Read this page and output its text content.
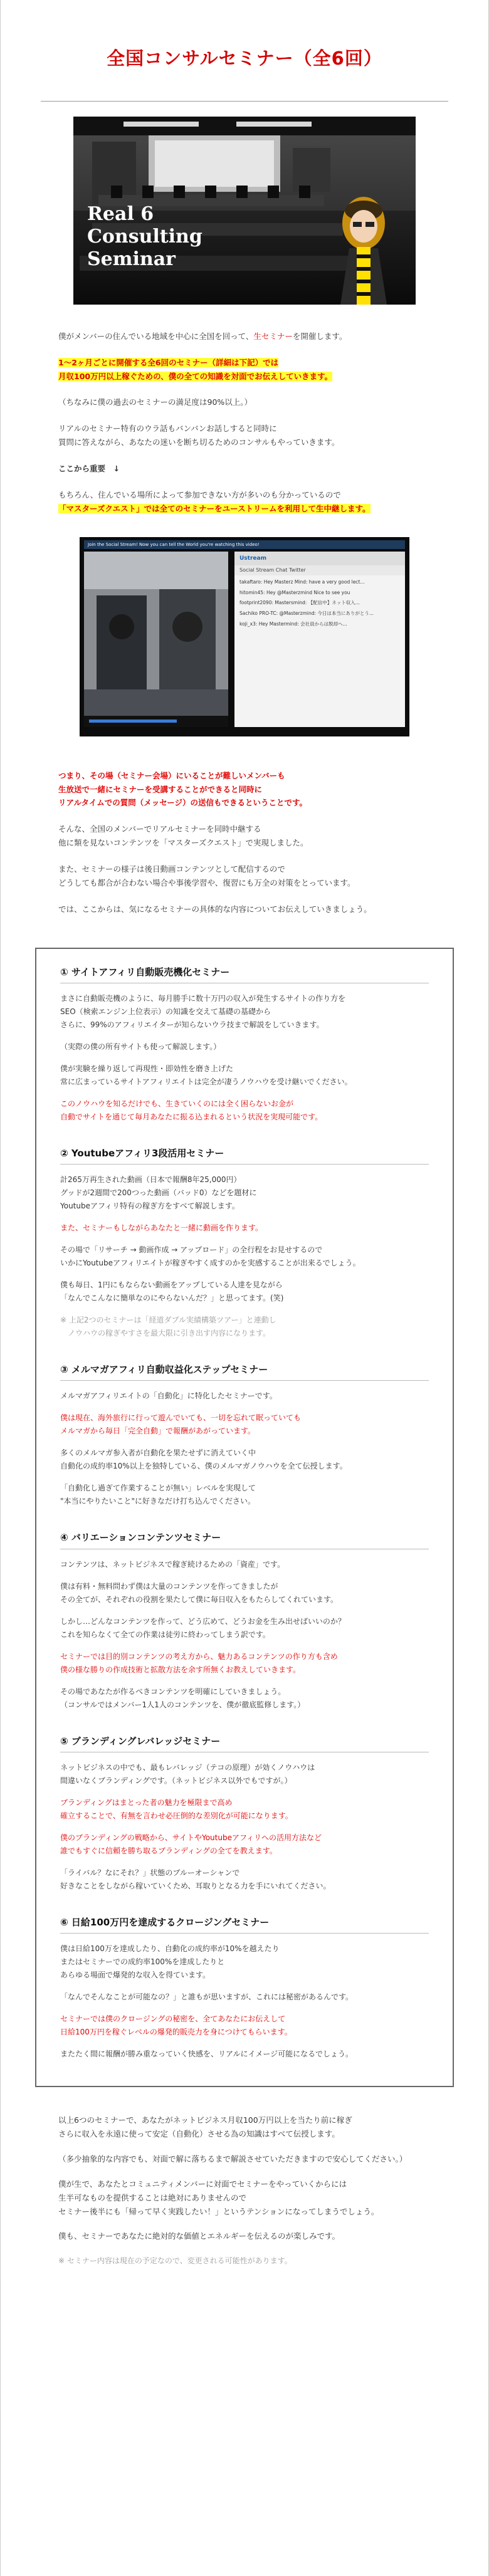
全国コンサルセミナー（全6回）
Real 6
Consulting
Seminar

僕がメンバーの住んでいる地域を中心に全国を回って、生セミナーを開催します。

1〜2ヶ月ごとに開催する全6回のセミナー（詳細は下記）では
月収100万円以上稼ぐための、僕の全ての知識を対面でお伝えしていきます。

（ちなみに僕の過去のセミナーの満足度は90%以上。）

リアルのセミナー特有のウラ話もバンバンお話しすると同時に
質問に答えながら、あなたの迷いを断ち切るためのコンサルもやっていきます。

ここから重要　↓

もちろん、住んでいる場所によって参加できない方が多いのも分かっているので
「マスターズクエスト」では全てのセミナーをユーストリームを利用して生中継します。

Join the Social Stream! Now you can tell the World you're watching this video!
Ustream
Social Stream Chat Twitter
takaftaro: Hey Masterz Mind: have a very good lect...
hitomin45: Hey @Masterzmind Nice to see you
footprint2090: Mastersmind: 【配信中】ネット収入...
Sachiko PRO-TC: @Masterzmind: 今日は本当にありがとう...
koji_x3: Hey Mastermind: 会社員からは脱却へ...

つまり、その場（セミナー会場）にいることが難しいメンバーも
生放送で一緒にセミナーを受講することができると同時に
リアルタイムでの質問（メッセージ）の送信もできるということです。

そんな、全国のメンバーでリアルセミナーを同時中継する
他に類を見ないコンテンツを「マスターズクエスト」で実現しました。

また、セミナーの様子は後日動画コンテンツとして配信するので
どうしても都合が合わない場合や事後学習や、復習にも万全の対策をとっています。

では、ここからは、気になるセミナーの具体的な内容についてお伝えしていきましょう。

① サイトアフィリ自動販売機化セミナー

まさに自動販売機のように、毎月勝手に数十万円の収入が発生するサイトの作り方を
SEO（検索エンジン上位表示）の知識を交えて基礎の基礎から
さらに、99%のアフィリエイターが知らないウラ技まで解説をしていきます。

（実際の僕の所有サイトも使って解説します。）

僕が実験を繰り返して再現性・即効性を磨き上げた
常に広まっているサイトアフィリエイトは完全が凄うノウハウを受け継いでください。

このノウハウを知るだけでも、生きていくのには全く困らないお金が
自動でサイトを通じて毎月あなたに振る込まれるという状況を実現可能です。

② Youtubeアフィリ3段活用セミナー

計265万再生された動画（日本で報酬8年25,000円）
グッドが2週間で200つった動画（バッド0）などを題材に
Youtubeアフィリ特有の稼ぎ方をすべて解説します。

また、セミナーもしながらあなたと一緒に動画を作ります。

その場で「リサーチ → 動画作成 → アップロード」の全行程をお見せするので
いかにYoutubeアフィリエイトが稼ぎやすく成すのかを実感することが出来るでしょう。

僕も毎日、1円にもならない動画をアップしている人達を見ながら
「なんでこんなに簡単なのにやらないんだ？」と思ってます。(笑)

※ 上記2つのセミナーは「経道ダブル実績構築ツアー」と連動し
　ノウハウの稼ぎやすさを最大限に引き出す内容になります。

③ メルマガアフィリ自動収益化ステップセミナー

メルマガアフィリエイトの「自動化」に特化したセミナーです。

僕は現在、海外旅行に行って遊んでいても、一切を忘れて眠っていても
メルマガから毎日「完全自動」で報酬があがっています。

多くのメルマガ参入者が自動化を果たせずに消えていく中
自動化の成約率10%以上を独特している、僕のメルマガノウハウを全て伝授します。

「自動化し過ぎて作業することが無い」レベルを実現して
"本当にやりたいこと"に好きなだけ打ち込んでください。

④ バリエーションコンテンツセミナー

コンテンツは、ネットビジネスで稼ぎ続けるための「資産」です。

僕は有料・無料問わず僕は大量のコンテンツを作ってきましたが
その全てが、それぞれの役割を果たして僕に毎日収入をもたらしてくれています。

しかし…どんなコンテンツを作って、どう広めて、どうお金を生み出せばいいのか？
これを知らなくて全ての作業は徒労に終わってしまう訳です。

セミナーでは目的別コンテンツの考え方から、魅力あるコンテンツの作り方も含め
僕の様な勝りの作成技術と拡散方法を余す所無くお教えしていきます。

その場であなたが作るべきコンテンツを明確にしていきましょう。
（コンサルではメンバー1人1人のコンテンツを、僕が徹底監修します。）

⑤ ブランディングレバレッジセミナー

ネットビジネスの中でも、最もレバレッジ（テコの原理）が効くノウハウは
間違いなくブランディングです。（ネットビジネス以外でもですが。）

ブランディングはまとった者の魅力を極限まで高め
確立することで、有無を言わせ必圧倒的な差別化が可能になります。

僕のブランディングの戦略から、サイトやYoutubeアフィリへの活用方法など
誰でもすぐに信頼を勝ち取るブランディングの全てを教えます。

「ライバル？なにそれ？」状態のブルーオーシャンで
好きなことをしながら稼いていくため、耳取りとなる力を手にいれてください。

⑥ 日給100万円を達成するクロージングセミナー

僕は日給100万を達成したり、自動化の成約率が10%を越えたり
またはセミナーでの成約率100%を達成したりと
あらゆる場面で爆発的な収入を得ています。

「なんでそんなことが可能なの？」と誰もが思いますが、これには秘密があるんです。

セミナーでは僕のクロージングの秘密を、全てあなたにお伝えして
日給100万円を稼ぐレベルの爆発的販売力を身につけてもらいます。

またたく間に報酬が勝み重なっていく快感を、リアルにイメージ可能になるでしょう。

以上6つのセミナーで、あなたがネットビジネス月収100万円以上を当たり前に稼ぎ
さらに収入を永遠に使って安定（自動化）させる為の知識はすべて伝授します。

（多少抽象的な内容でも、対面で解に落ちるまで解説させていただきますので安心してください。）

僕が生で、あなたとコミュニティメンバーに対面でセミナーをやっていくからには
生半可なものを提供することは絶対にありませんので
セミナー後半にも「帰って早く実践したい！」というテンションになってしまうでしょう。

僕も、セミナーであなたに絶対的な価値とエネルギーを伝えるのが楽しみです。

※ セミナー内容は現在の予定なので、変更される可能性があります。
